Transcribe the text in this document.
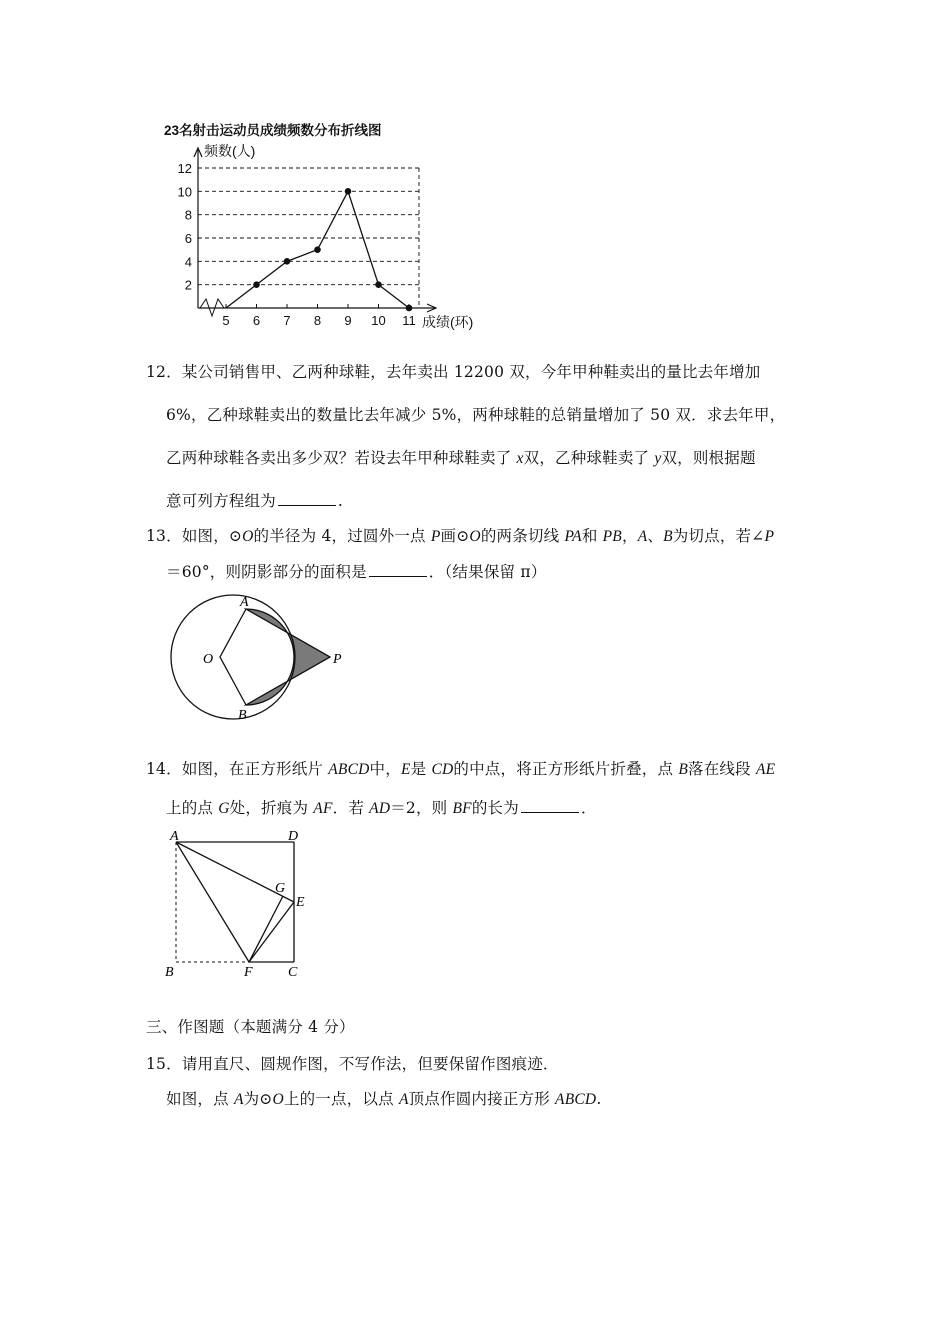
23名射击运动员成绩频数分布折线图
频数(人)
成绩(环)
2
4
6
8
10
12
5 6 7 8 9 10 11
12．某公司销售甲、乙两种球鞋，去年卖出 12200 双，今年甲种鞋卖出的量比去年增加
6%，乙种球鞋卖出的数量比去年减少 5%，两种球鞋的总销量增加了 50 双．求去年甲，
乙两种球鞋各卖出多少双？若设去年甲种球鞋卖了 x双，乙种球鞋卖了 y双，则根据题
意可列方程组为	.
13．如图，⊙O的半径为 4，过圆外一点 P画⊙O的两条切线 PA和 PB，A、B为切点，若∠P
＝60°，则阴影部分的面积是	．（结果保留 π）
A
B
O	P
14．如图，在正方形纸片 ABCD中，E是 CD的中点，将正方形纸片折叠，点 B落在线段 AE
上的点 G处，折痕为 AF．若 AD＝2，则 BF的长为	．
A	D
G
E
B	F	C
三、作图题（本题满分 4 分）
15．请用直尺、圆规作图，不写作法，但要保留作图痕迹．
如图，点 A为⊙O上的一点，以点 A顶点作圆内接正方形 ABCD.
